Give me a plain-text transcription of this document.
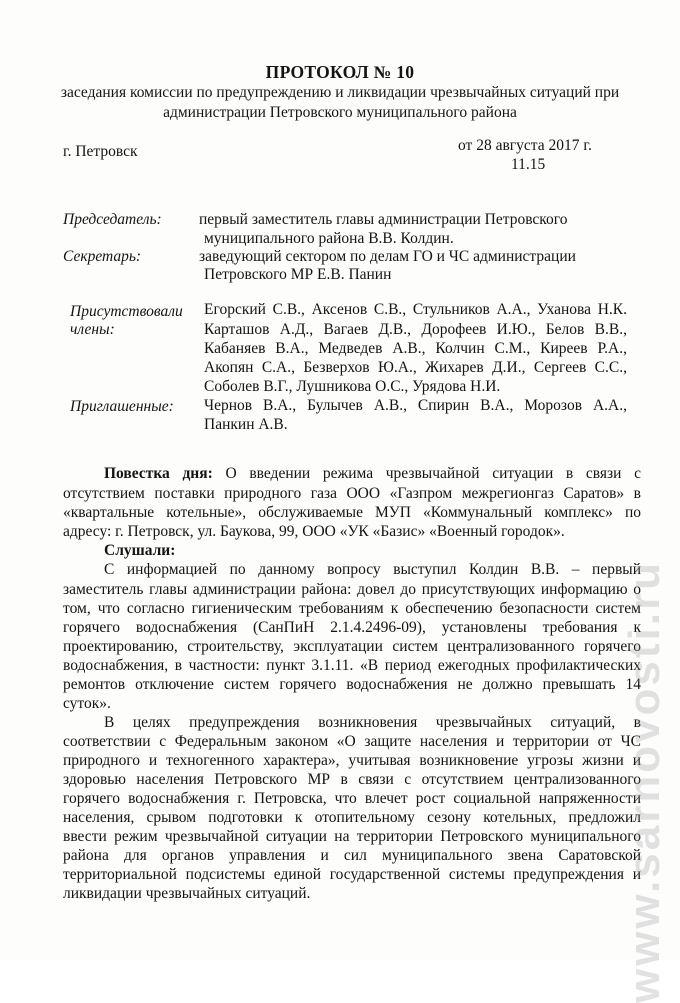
ПРОТОКОЛ № 10
заседания комиссии по предупреждению и ликвидации чрезвычайных ситуаций при
администрации Петровского муниципального района
г. Петровск	от 28 августа 2017 г.
11.15
Председатель: первый заместитель главы администрации Петровского
муниципального района В.В. Колдин.
Секретарь:	заведующий сектором по делам ГО и ЧС администрации
Петровского МР Е.В. Панин
Присутствовали
члены:
Егорский С.В., Аксенов С.В., Стульников А.А., Уханова Н.К.
Карташов А.Д., Вагаев Д.В., Дорофеев И.Ю., Белов В.В.,
Кабаняев В.А., Медведев А.В., Колчин С.М., Киреев Р.А.,
Акопян С.А., Безверхов Ю.А., Жихарев Д.И., Сергеев С.С.,
Соболев В.Г., Лушникова О.С., Урядова Н.И.
Приглашенные: Чернов В.А., Булычев А.В., Спирин В.А., Морозов А.А.,
Панкин А.В.
Повестка дня: О введении режима чрезвычайной ситуации в связи с
отсутствием поставки природного газа ООО «Газпром межрегионгаз Саратов» в
«квартальные котельные», обслуживаемые МУП «Коммунальный комплекс» по
адресу: г. Петровск, ул. Баукова, 99, ООО «УК «Базис» «Военный городок».
Слушали:
С информацией по данному вопросу выступил Колдин В.В. – первый
заместитель главы администрации района: довел до присутствующих информацию о
том, что согласно гигиеническим требованиям к обеспечению безопасности систем
горячего водоснабжения (СанПиН 2.1.4.2496-09), установлены требования к
проектированию, строительству, эксплуатации систем централизованного горячего
водоснабжения, в частности: пункт 3.1.11. «В период ежегодных профилактических
ремонтов отключение систем горячего водоснабжения не должно превышать 14
суток».
В целях предупреждения возникновения чрезвычайных ситуаций, в
соответствии с Федеральным законом «О защите населения и территории от ЧС
природного и техногенного характера», учитывая возникновение угрозы жизни и
здоровью населения Петровского МР в связи с отсутствием централизованного
горячего водоснабжения г. Петровска, что влечет рост социальной напряженности
населения, срывом подготовки к отопительному сезону котельных, предложил
ввести режим чрезвычайной ситуации на территории Петровского муниципального
района для органов управления и сил муниципального звена Саратовской
территориальной подсистемы единой государственной системы предупреждения и
ликвидации чрезвычайных ситуаций.	www.sarnovosti.ru
